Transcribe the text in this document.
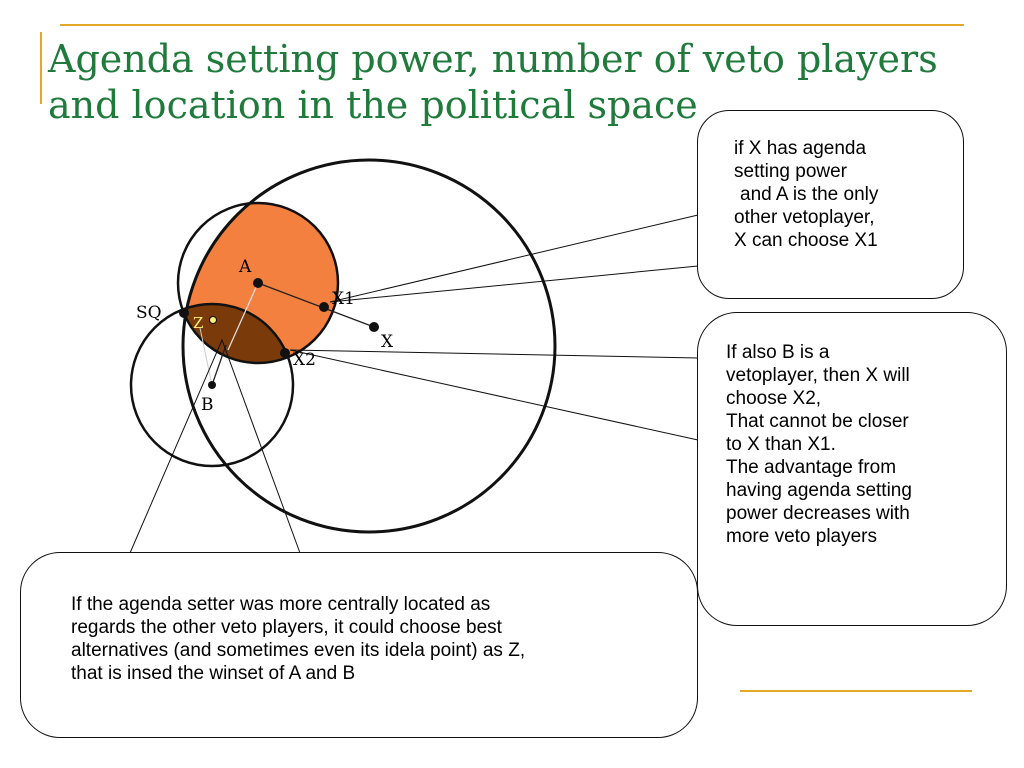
Agenda setting power, number of veto players
and location in the political space
A
B
X
SQ
X1
X2
Z

if X has agenda

setting power

and A is the only

other vetoplayer,

X can choose X1

If also B is a

vetoplayer, then X will

choose X2,

That cannot be closer

to X than X1.

The advantage from

having agenda setting

power decreases with

more veto players

If the agenda setter was more centrally located as

regards the other veto players, it could choose best

alternatives (and sometimes even its idela point) as Z,

that is insed the winset of A and B
